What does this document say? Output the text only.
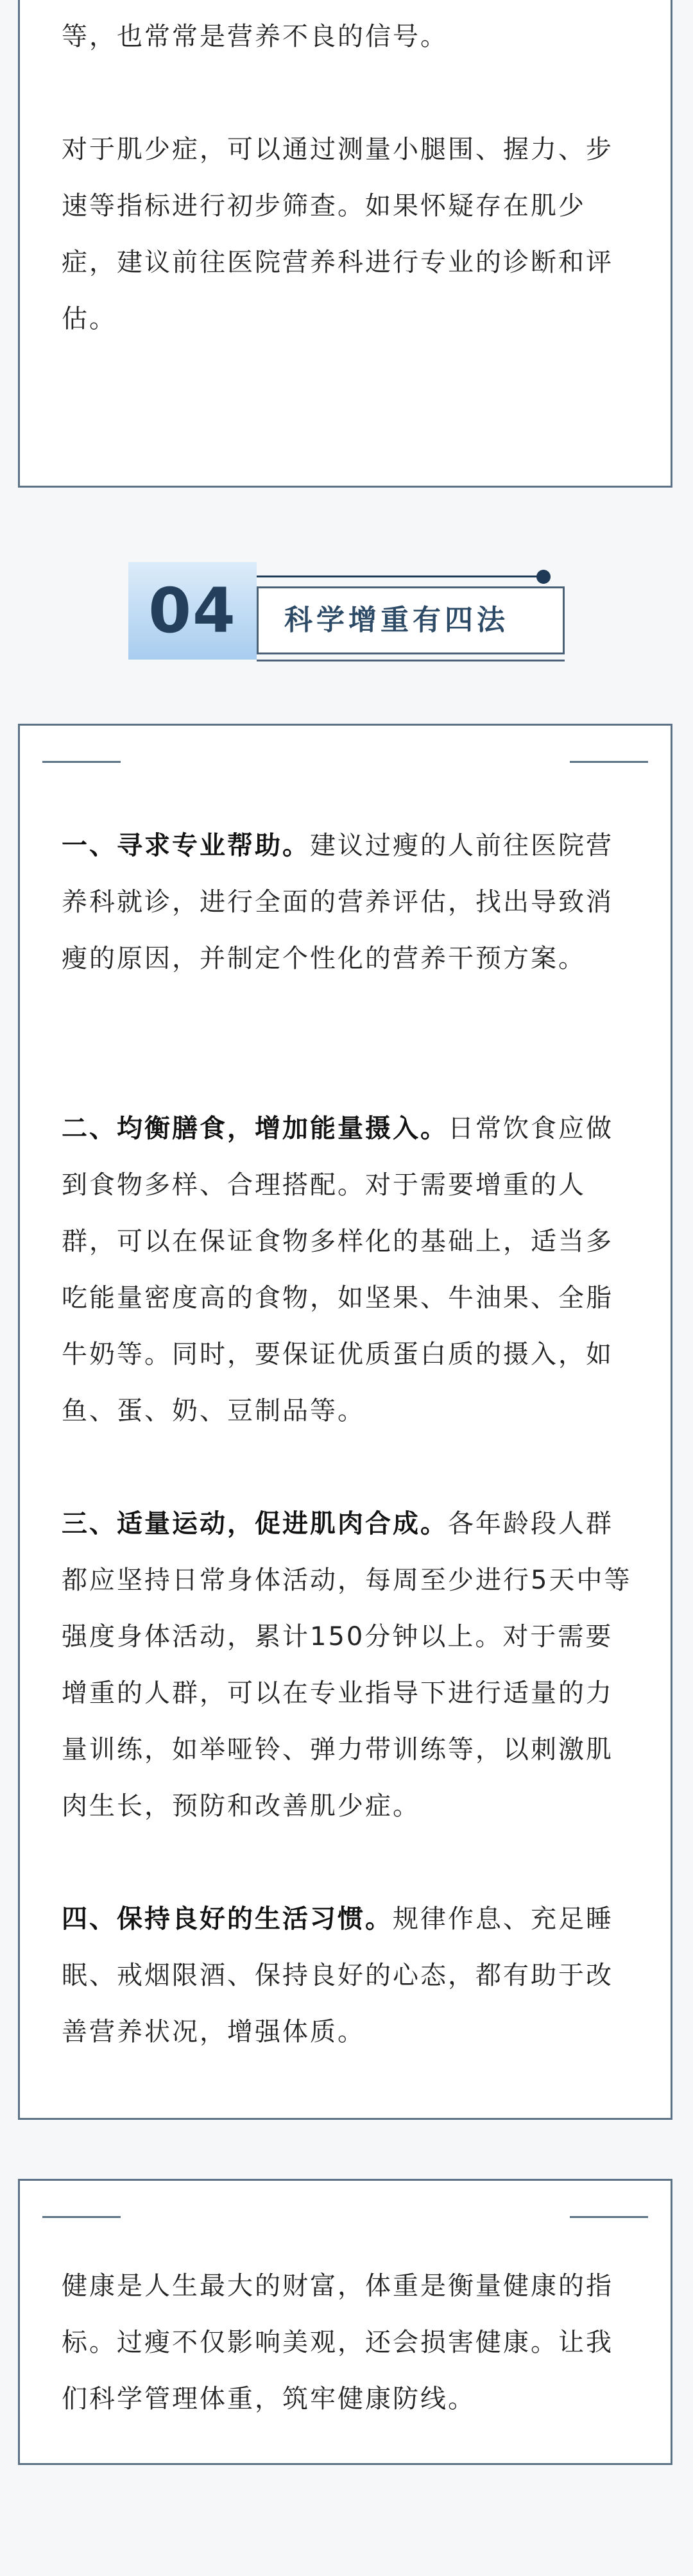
等，也常常是营养不良的信号。

对于肌少症，可以通过测量小腿围、握力、步速等指标进行初步筛查。如果怀疑存在肌少症，建议前往医院营养科进行专业的诊断和评估。

04	科学增重有四法

一、寻求专业帮助。建议过瘦的人前往医院营养科就诊，进行全面的营养评估，找出导致消瘦的原因，并制定个性化的营养干预方案。

二、均衡膳食，增加能量摄入。日常饮食应做到食物多样、合理搭配。对于需要增重的人群，可以在保证食物多样化的基础上，适当多吃能量密度高的食物，如坚果、牛油果、全脂牛奶等。同时，要保证优质蛋白质的摄入，如鱼、蛋、奶、豆制品等。

三、适量运动，促进肌肉合成。各年龄段人群都应坚持日常身体活动，每周至少进行5天中等强度身体活动，累计150分钟以上。对于需要增重的人群，可以在专业指导下进行适量的力量训练，如举哑铃、弹力带训练等，以刺激肌肉生长，预防和改善肌少症。

四、保持良好的生活习惯。规律作息、充足睡眠、戒烟限酒、保持良好的心态，都有助于改善营养状况，增强体质。

健康是人生最大的财富，体重是衡量健康的指标。过瘦不仅影响美观，还会损害健康。让我们科学管理体重，筑牢健康防线。
